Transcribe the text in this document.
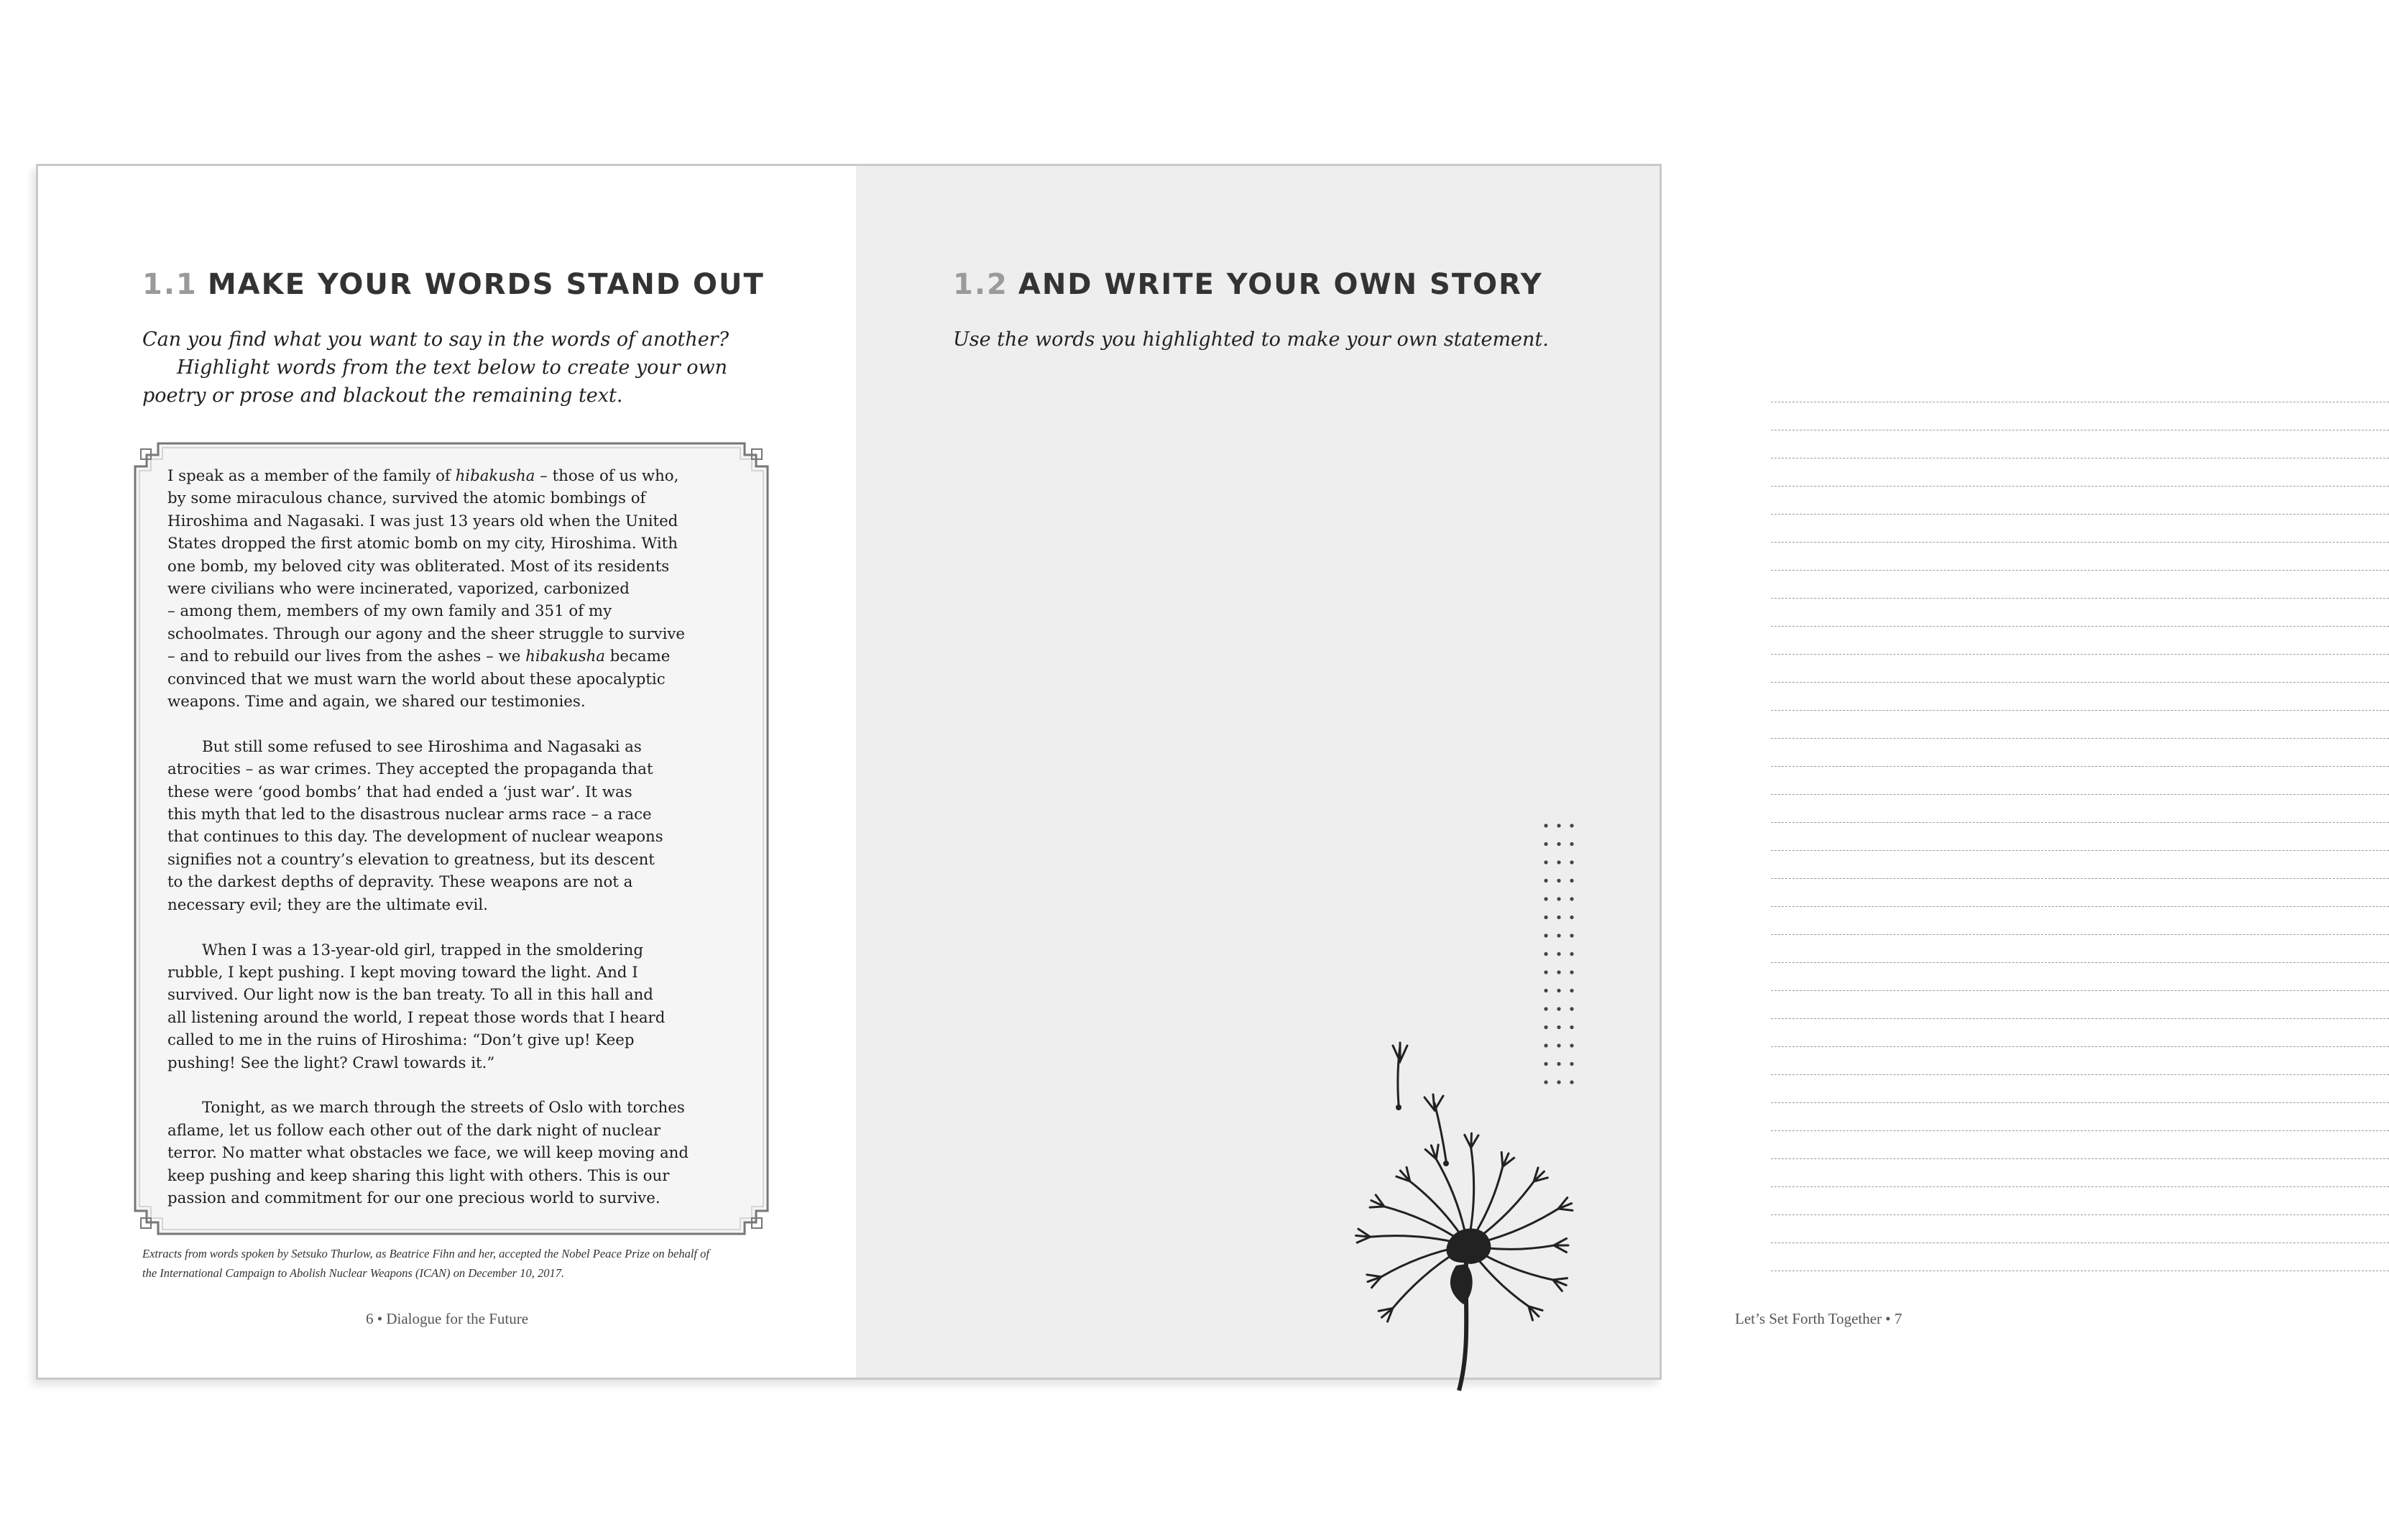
1.1 MAKE YOUR WORDS STAND OUT
Can you find what you want to say in the words of another?
Highlight words from the text below to create your own
poetry or prose and blackout the remaining text.

I speak as a member of the family of hibakusha – those of us who,
by some miraculous chance, survived the atomic bombings of
Hiroshima and Nagasaki. I was just 13 years old when the United
States dropped the first atomic bomb on my city, Hiroshima. With
one bomb, my beloved city was obliterated. Most of its residents
were civilians who were incinerated, vaporized, carbonized
– among them, members of my own family and 351 of my
schoolmates. Through our agony and the sheer struggle to survive
– and to rebuild our lives from the ashes – we hibakusha became
convinced that we must warn the world about these apocalyptic
weapons. Time and again, we shared our testimonies.

But still some refused to see Hiroshima and Nagasaki as
atrocities – as war crimes. They accepted the propaganda that
these were ‘good bombs’ that had ended a ‘just war’. It was
this myth that led to the disastrous nuclear arms race – a race
that continues to this day. The development of nuclear weapons
signifies not a country’s elevation to greatness, but its descent
to the darkest depths of depravity. These weapons are not a
necessary evil; they are the ultimate evil.

When I was a 13-year-old girl, trapped in the smoldering
rubble, I kept pushing. I kept moving toward the light. And I
survived. Our light now is the ban treaty. To all in this hall and
all listening around the world, I repeat those words that I heard
called to me in the ruins of Hiroshima: “Don’t give up! Keep
pushing! See the light? Crawl towards it.”

Tonight, as we march through the streets of Oslo with torches
aflame, let us follow each other out of the dark night of nuclear
terror. No matter what obstacles we face, we will keep moving and
keep pushing and keep sharing this light with others. This is our
passion and commitment for our one precious world to survive.

Extracts from words spoken by Setsuko Thurlow, as Beatrice Fihn and her, accepted the Nobel Peace Prize on behalf of
the International Campaign to Abolish Nuclear Weapons (ICAN) on December 10, 2017.
6 • Dialogue for the Future
1.2 AND WRITE YOUR OWN STORY
Use the words you highlighted to make your own statement.
Let’s Set Forth Together • 7
